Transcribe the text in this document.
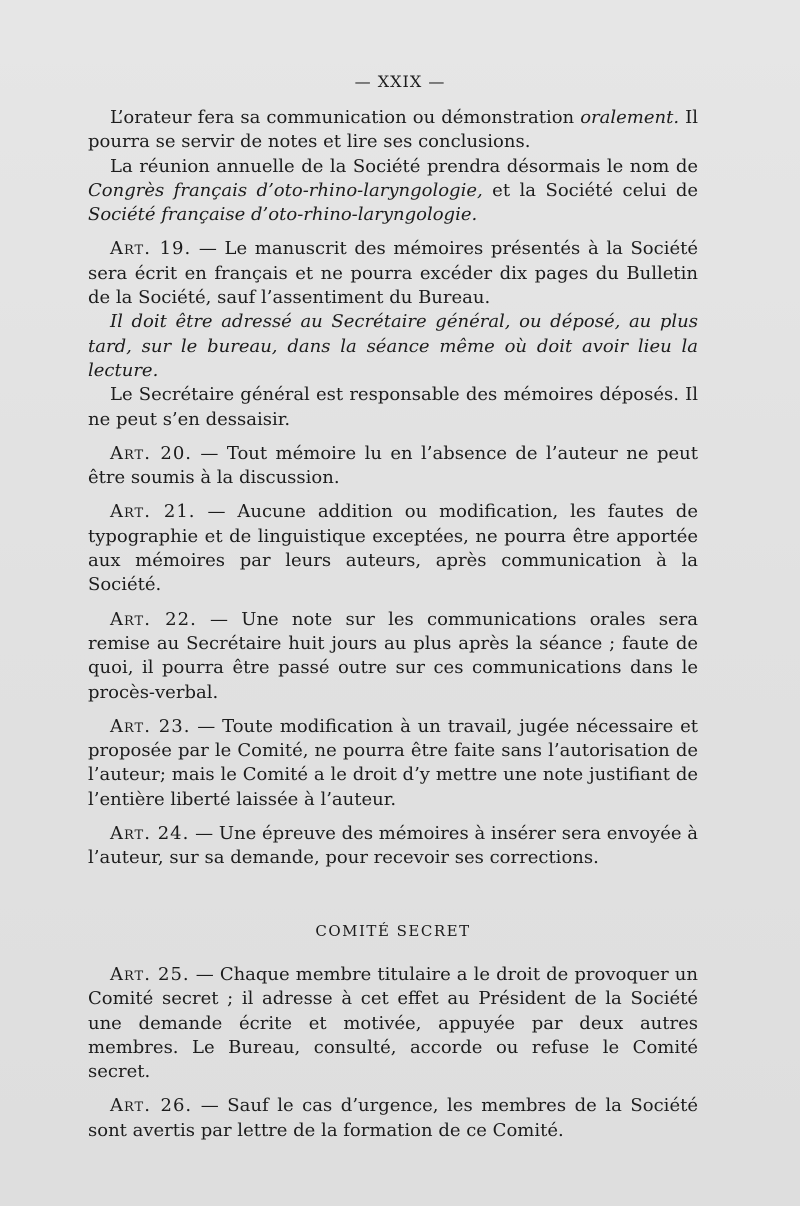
— XXIX —

L’orateur fera sa communication ou démonstration oralement. Il pourra se servir de notes et lire ses conclusions.

La réunion annuelle de la Société prendra désormais le nom de Congrès français d’oto-rhino-laryngologie, et la Société celui de Société française d’oto-rhino-laryngologie.

Art. 19. — Le manuscrit des mémoires présentés à la Société sera écrit en français et ne pourra excéder dix pages du Bulletin de la Société, sauf l’assentiment du Bureau.

Il doit être adressé au Secrétaire général, ou déposé, au plus tard, sur le bureau, dans la séance même où doit avoir lieu la lecture.

Le Secrétaire général est responsable des mémoires déposés. Il ne peut s’en dessaisir.

Art. 20. — Tout mémoire lu en l’absence de l’auteur ne peut être soumis à la discussion.

Art. 21. — Aucune addition ou modification, les fautes de typographie et de linguistique exceptées, ne pourra être apportée aux mémoires par leurs auteurs, après communication à la Société.

Art. 22. — Une note sur les communications orales sera remise au Secrétaire huit jours au plus après la séance ; faute de quoi, il pourra être passé outre sur ces communications dans le procès-verbal.

Art. 23. — Toute modification à un travail, jugée nécessaire et proposée par le Comité, ne pourra être faite sans l’autorisation de l’auteur; mais le Comité a le droit d’y mettre une note justifiant de l’entière liberté laissée à l’auteur.

Art. 24. — Une épreuve des mémoires à insérer sera envoyée à l’auteur, sur sa demande, pour recevoir ses corrections.

COMITÉ SECRET

Art. 25. — Chaque membre titulaire a le droit de provoquer un Comité secret ; il adresse à cet effet au Président de la Société une demande écrite et motivée, appuyée par deux autres membres. Le Bureau, consulté, accorde ou refuse le Comité secret.

Art. 26. — Sauf le cas d’urgence, les membres de la Société sont avertis par lettre de la formation de ce Comité.
